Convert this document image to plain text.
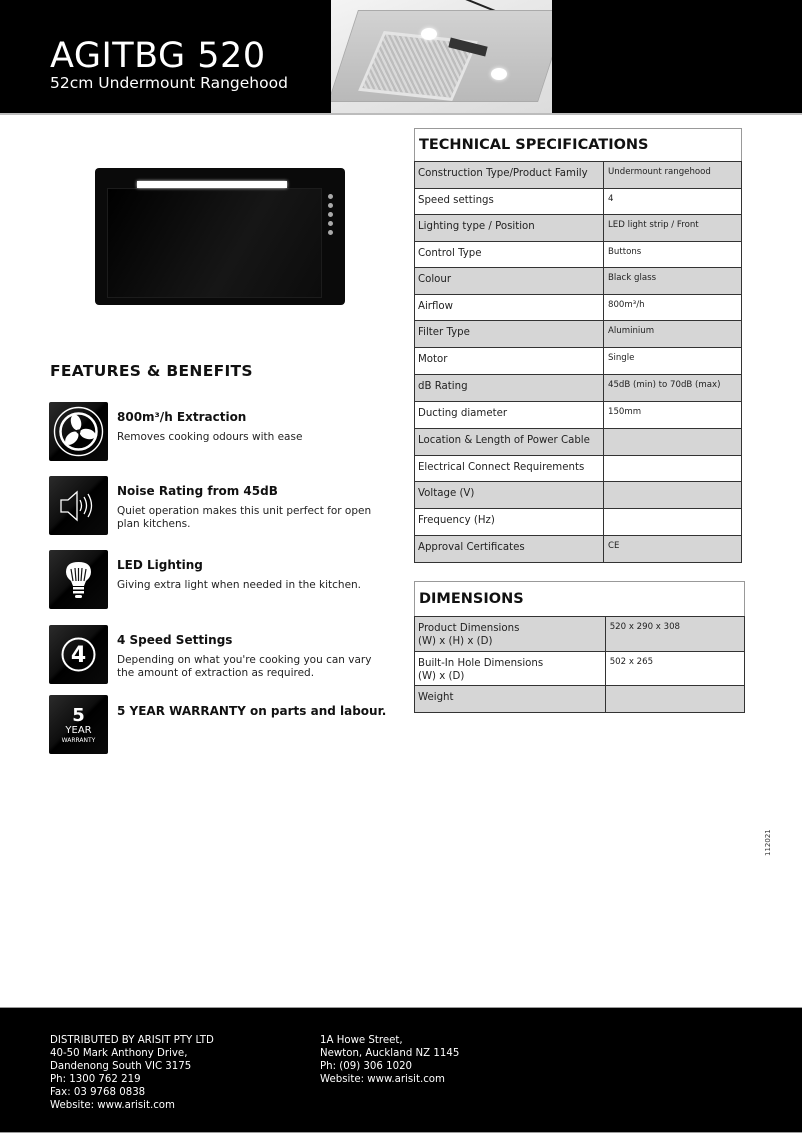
AGITBG 520
52cm Undermount Rangehood
FEATURES & BENEFITS
800m³/h Extraction
Removes cooking odours with ease
Noise Rating from 45dB
Quiet operation makes this unit perfect for open plan kitchens.
LED Lighting
Giving extra light when needed in the kitchen.
4
4 Speed Settings
Depending on what you're cooking you can vary the amount of extraction as required.
5
YEAR
WARRANTY
5 YEAR WARRANTY on parts and labour.
TECHNICAL SPECIFICATIONS
Construction Type/Product Family	Undermount rangehood
Speed settings	4
Lighting type / Position	LED light strip / Front
Control Type	Buttons
Colour	Black glass
Airflow	800m³/h
Filter Type	Aluminium
Motor	Single
dB Rating	45dB (min) to 70dB (max)
Ducting diameter	150mm
Location & Length of Power Cable	
Electrical Connect Requirements	
Voltage (V)	
Frequency (Hz)	
Approval Certificates	CE
DIMENSIONS
Product Dimensions
(W) x (H) x (D)	520 x 290 x 308

Built-In Hole Dimensions
(W) x (D)	502 x 265
Weight	
112021
DISTRIBUTED BY ARISIT PTY LTD
40-50 Mark Anthony Drive,
Dandenong South VIC 3175
Ph: 1300 762 219
Fax: 03 9768 0838
Website: www.arisit.com
1A Howe Street,
Newton, Auckland NZ 1145
Ph: (09) 306 1020
Website: www.arisit.com
